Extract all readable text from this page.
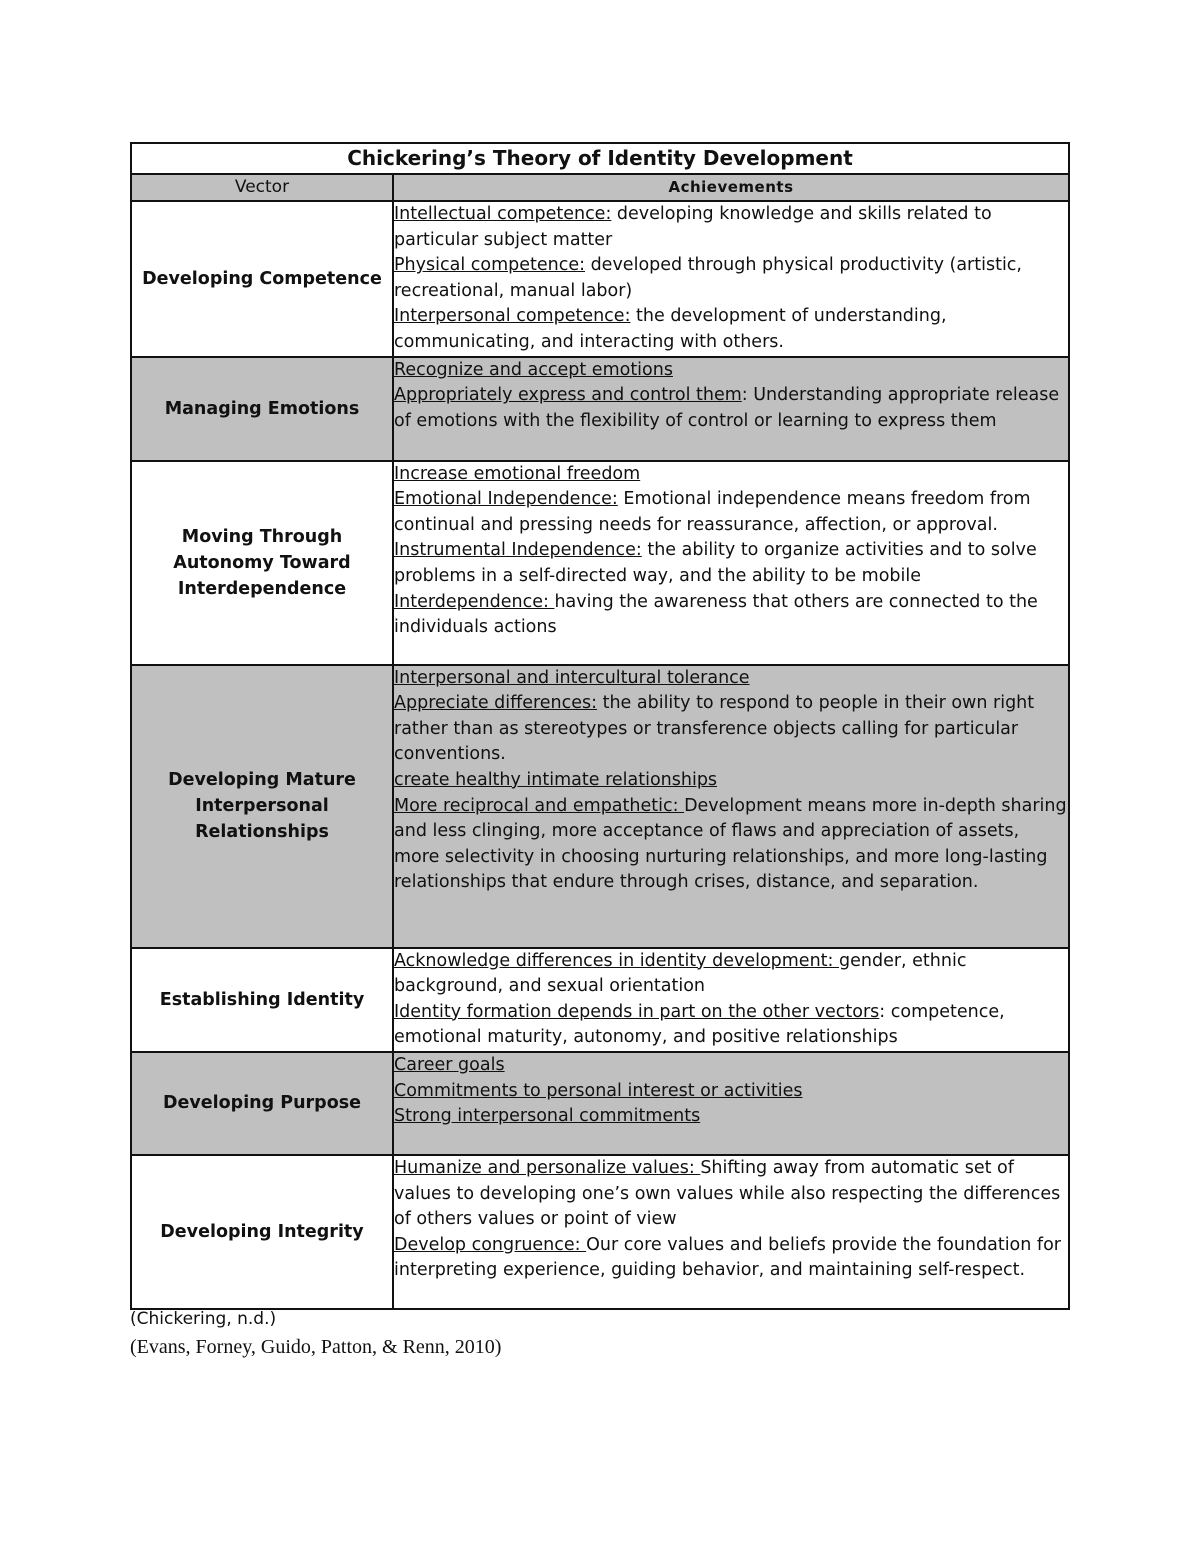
Chickering’s Theory of Identity Development	
Vector	Achievements
Developing Competence	Intellectual competence: developing knowledge and skills related to particular subject matter
Physical competence: developed through physical productivity (artistic, recreational, manual labor)
Interpersonal competence: the development of understanding, communicating, and interacting with others.

Managing Emotions	Recognize and accept emotions
Appropriately express and control them: Understanding appropriate release of emotions with the flexibility of control or learning to express them

Moving Through Autonomy Toward Interdependence	Increase emotional freedom
Emotional Independence: Emotional independence means freedom from continual and pressing needs for reassurance, affection, or approval.
Instrumental Independence: the ability to organize activities and to solve problems in a self-directed way, and the ability to be mobile
Interdependence: having the awareness that others are connected to the individuals actions

Developing Mature Interpersonal Relationships	Interpersonal and intercultural tolerance
Appreciate differences: the ability to respond to people in their own right rather than as stereotypes or transference objects calling for particular conventions.
create healthy intimate relationships
More reciprocal and empathetic: Development means more in-depth sharing and less clinging, more acceptance of flaws and appreciation of assets, more selectivity in choosing nurturing relationships, and more long-lasting relationships that endure through crises, distance, and separation.

Establishing Identity	Acknowledge differences in identity development: gender, ethnic background, and sexual orientation
Identity formation depends in part on the other vectors: competence, emotional maturity, autonomy, and positive relationships

Developing Purpose	Career goals
Commitments to personal interest or activities
Strong interpersonal commitments

Developing Integrity	Humanize and personalize values: Shifting away from automatic set of values to developing one’s own values while also respecting the differences of others values or point of view
Develop congruence: Our core values and beliefs provide the foundation for interpreting experience, guiding behavior, and maintaining self-respect.

(Chickering, n.d.)

(Evans, Forney, Guido, Patton, & Renn, 2010)
